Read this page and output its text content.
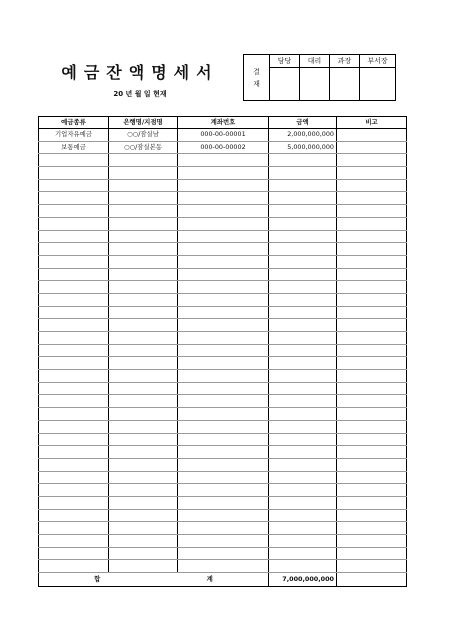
예금잔액명세서
20 년 월 일 현재
결
재	담당	대리	과장	부서장

예금종류	은행명/지점명	계좌번호	금액	비고
기업자유예금	○○/잠실남	000-00-00001	2,000,000,000	
보통예금	○○/잠실본동	000-00-00002	5,000,000,000	

합 계			7,000,000,000	
